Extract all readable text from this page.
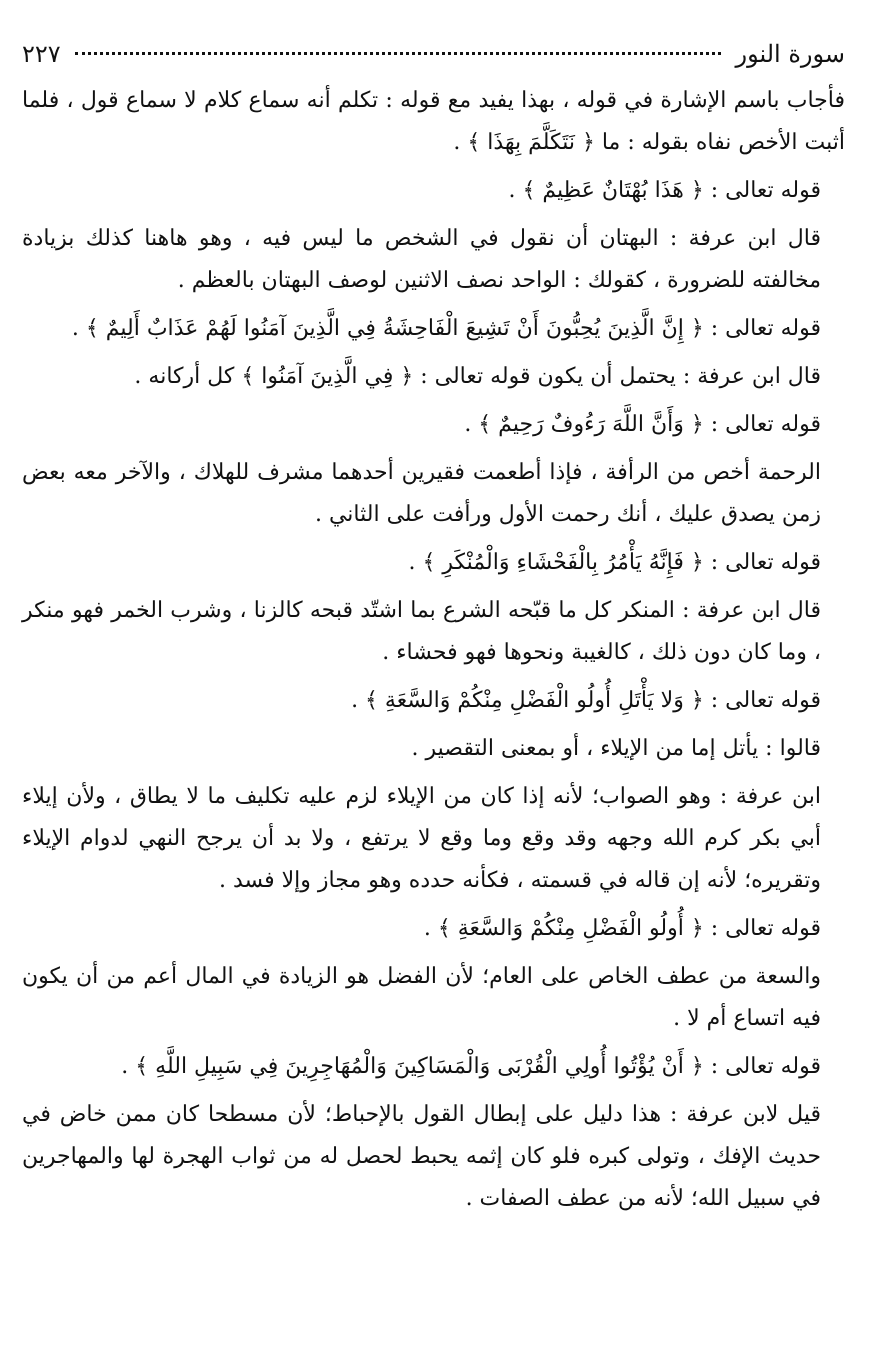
سورة النور
٢٢٧

فأجاب باسم الإشارة في قوله ، بهذا يفيد مع قوله : تكلم أنه سماع كلام لا سماع قول ، فلما أثبت الأخص نفاه بقوله : ما ﴿ نَتَكَلَّمَ بِهَذَا ﴾ .

قوله تعالى : ﴿ هَذَا بُهْتَانٌ عَظِيمٌ ﴾ .

قال ابن عرفة : البهتان أن نقول في الشخص ما ليس فيه ، وهو هاهنا كذلك بزيادة مخالفته للضرورة ، كقولك : الواحد نصف الاثنين لوصف البهتان بالعظم .

قوله تعالى : ﴿ إِنَّ الَّذِينَ يُحِبُّونَ أَنْ تَشِيعَ الْفَاحِشَةُ فِي الَّذِينَ آمَنُوا لَهُمْ عَذَابٌ أَلِيمٌ ﴾ .

قال ابن عرفة : يحتمل أن يكون قوله تعالى : ﴿ فِي الَّذِينَ آمَنُوا ﴾ كل أركانه .

قوله تعالى : ﴿ وَأَنَّ اللَّهَ رَءُوفٌ رَحِيمٌ ﴾ .

الرحمة أخص من الرأفة ، فإذا أطعمت فقيرين أحدهما مشرف للهلاك ، والآخر معه بعض زمن يصدق عليك ، أنك رحمت الأول ورأفت على الثاني .

قوله تعالى : ﴿ فَإِنَّهُ يَأْمُرُ بِالْفَحْشَاءِ وَالْمُنْكَرِ ﴾ .

قال ابن عرفة : المنكر كل ما قبّحه الشرع بما اشتّد قبحه كالزنا ، وشرب الخمر فهو منكر ، وما كان دون ذلك ، كالغيبة ونحوها فهو فحشاء .

قوله تعالى : ﴿ وَلا يَأْتَلِ أُولُو الْفَضْلِ مِنْكُمْ وَالسَّعَةِ ﴾ .

قالوا : يأتل إما من الإيلاء ، أو بمعنى التقصير .

ابن عرفة : وهو الصواب؛ لأنه إذا كان من الإيلاء لزم عليه تكليف ما لا يطاق ، ولأن إيلاء أبي بكر كرم الله وجهه وقد وقع وما وقع لا يرتفع ، ولا بد أن يرجح النهي لدوام الإيلاء وتقريره؛ لأنه إن قاله في قسمته ، فكأنه حدده وهو مجاز وإلا فسد .

قوله تعالى : ﴿ أُولُو الْفَضْلِ مِنْكُمْ وَالسَّعَةِ ﴾ .

والسعة من عطف الخاص على العام؛ لأن الفضل هو الزيادة في المال أعم من أن يكون فيه اتساع أم لا .

قوله تعالى : ﴿ أَنْ يُؤْتُوا أُولِي الْقُرْبَى وَالْمَسَاكِينَ وَالْمُهَاجِرِينَ فِي سَبِيلِ اللَّهِ ﴾ .

قيل لابن عرفة : هذا دليل على إبطال القول بالإحباط؛ لأن مسطحا كان ممن خاض في حديث الإفك ، وتولى كبره فلو كان إثمه يحبط لحصل له من ثواب الهجرة لها والمهاجرين في سبيل الله؛ لأنه من عطف الصفات .
